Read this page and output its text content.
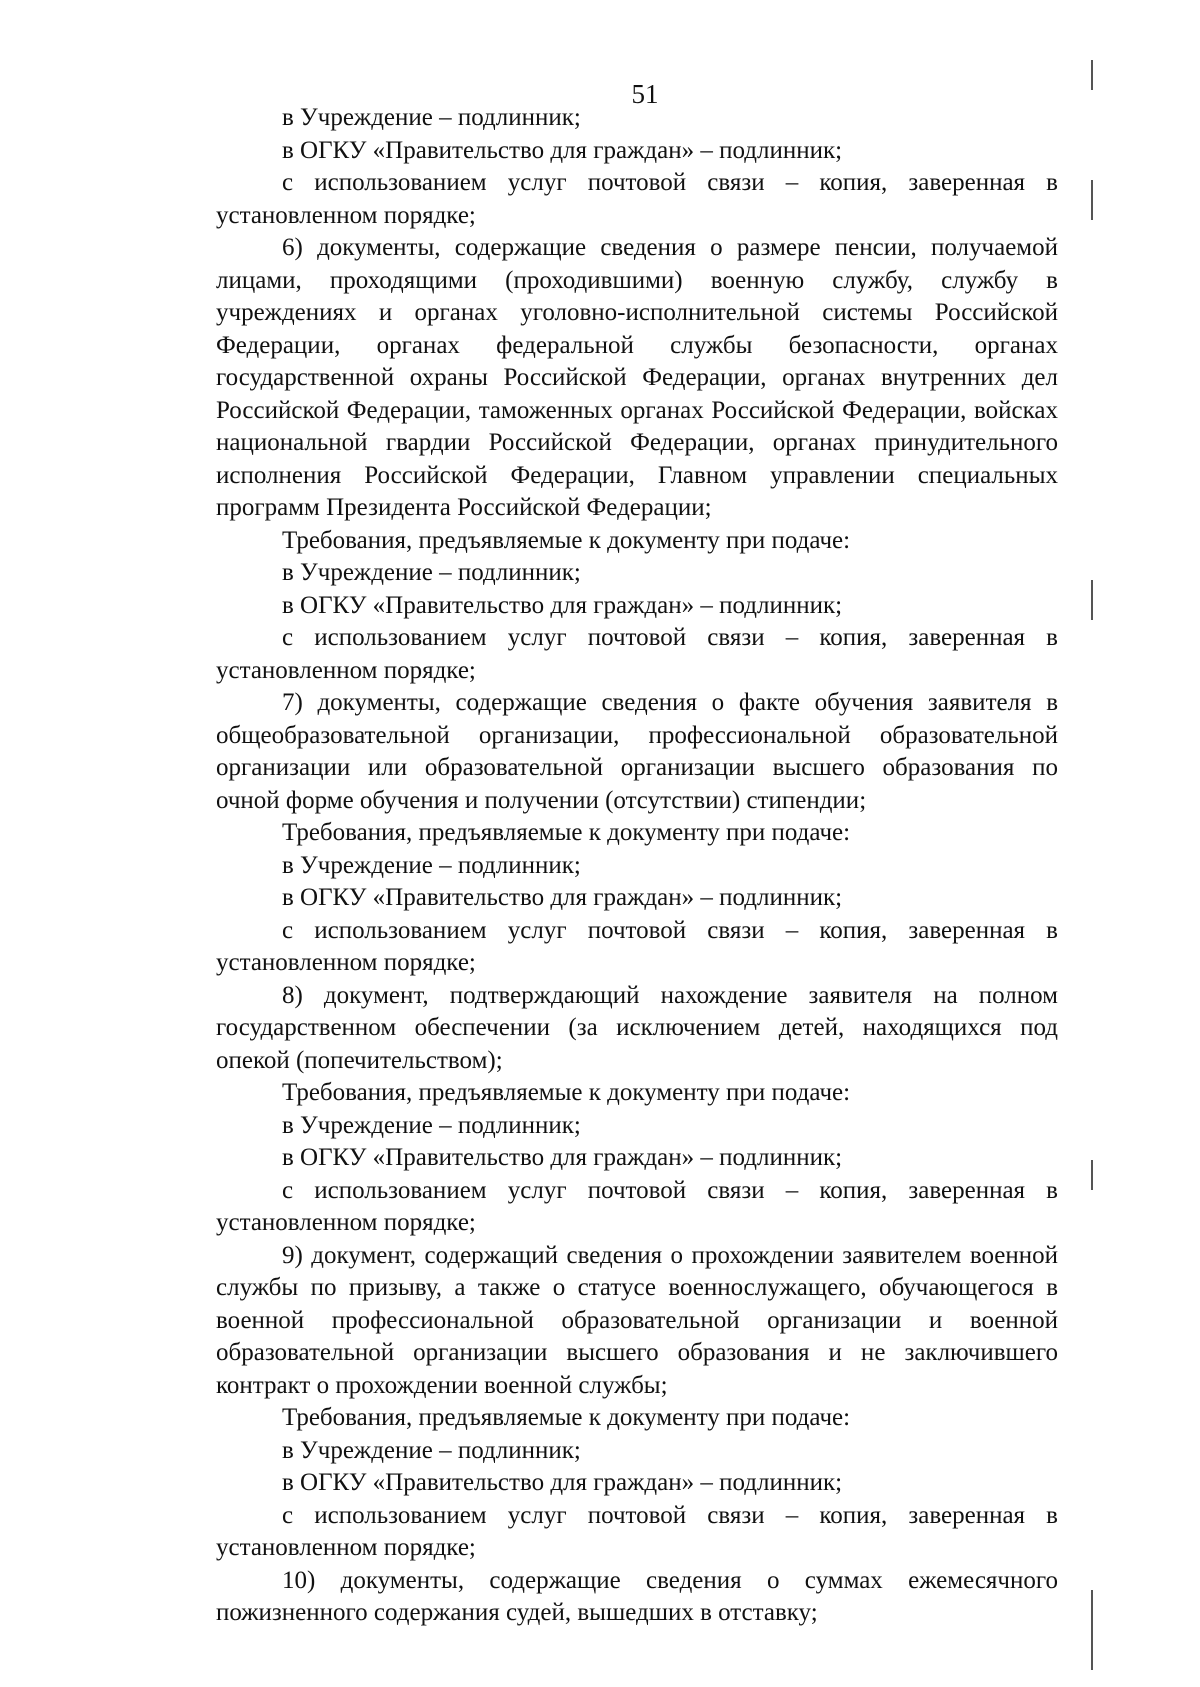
51

в Учреждение – подлинник;

в ОГКУ «Правительство для граждан» – подлинник;

с использованием услуг почтовой связи – копия, заверенная в установленном порядке;

6) документы, содержащие сведения о размере пенсии, получаемой лицами, проходящими (проходившими) военную службу, службу в учреждениях и органах уголовно-исполнительной системы Российской Федерации, органах федеральной службы безопасности, органах государственной охраны Российской Федерации, органах внутренних дел Российской Федерации, таможенных органах Российской Федерации, войсках национальной гвардии Российской Федерации, органах принудительного исполнения Российской Федерации, Главном управлении специальных программ Президента Российской Федерации;

Требования, предъявляемые к документу при подаче:

в Учреждение – подлинник;

в ОГКУ «Правительство для граждан» – подлинник;

с использованием услуг почтовой связи – копия, заверенная в установленном порядке;

7) документы, содержащие сведения о факте обучения заявителя в общеобразовательной организации, профессиональной образовательной организации или образовательной организации высшего образования по очной форме обучения и получении (отсутствии) стипендии;

Требования, предъявляемые к документу при подаче:

в Учреждение – подлинник;

в ОГКУ «Правительство для граждан» – подлинник;

с использованием услуг почтовой связи – копия, заверенная в установленном порядке;

8) документ, подтверждающий нахождение заявителя на полном государственном обеспечении (за исключением детей, находящихся под опекой (попечительством);

Требования, предъявляемые к документу при подаче:

в Учреждение – подлинник;

в ОГКУ «Правительство для граждан» – подлинник;

с использованием услуг почтовой связи – копия, заверенная в установленном порядке;

9) документ, содержащий сведения о прохождении заявителем военной службы по призыву, а также о статусе военнослужащего, обучающегося в военной профессиональной образовательной организации и военной образовательной организации высшего образования и не заключившего контракт о прохождении военной службы;

Требования, предъявляемые к документу при подаче:

в Учреждение – подлинник;

в ОГКУ «Правительство для граждан» – подлинник;

с использованием услуг почтовой связи – копия, заверенная в установленном порядке;

10) документы, содержащие сведения о суммах ежемесячного пожизненного содержания судей, вышедших в отставку;
